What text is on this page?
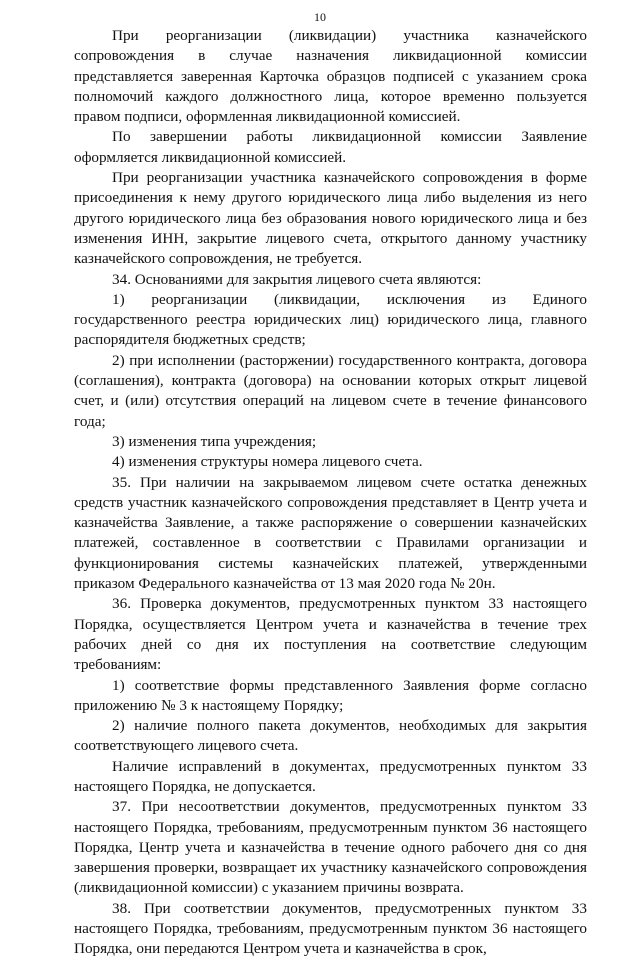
10

При реорганизации (ликвидации) участника казначейского сопровождения в случае назначения ликвидационной комиссии представляется заверенная Карточка образцов подписей с указанием срока полномочий каждого должностного лица, которое временно пользуется правом подписи, оформленная ликвидационной комиссией.

По завершении работы ликвидационной комиссии Заявление оформляется ликвидационной комиссией.

При реорганизации участника казначейского сопровождения в форме присоединения к нему другого юридического лица либо выделения из него другого юридического лица без образования нового юридического лица и без изменения ИНН, закрытие лицевого счета, открытого данному участнику казначейского сопровождения, не требуется.

34. Основаниями для закрытия лицевого счета являются:

1) реорганизации (ликвидации, исключения из Единого государственного реестра юридических лиц) юридического лица, главного распорядителя бюджетных средств;

2) при исполнении (расторжении) государственного контракта, договора (соглашения), контракта (договора) на основании которых открыт лицевой счет, и (или) отсутствия операций на лицевом счете в течение финансового года;

3) изменения типа учреждения;

4) изменения структуры номера лицевого счета.

35. При наличии на закрываемом лицевом счете остатка денежных средств участник казначейского сопровождения представляет в Центр учета и казначейства Заявление, а также распоряжение о совершении казначейских платежей, составленное в соответствии с Правилами организации и функционирования системы казначейских платежей, утвержденными приказом Федерального казначейства от 13 мая 2020 года № 20н.

36. Проверка документов, предусмотренных пунктом 33 настоящего Порядка, осуществляется Центром учета и казначейства в течение трех рабочих дней со дня их поступления на соответствие следующим требованиям:

1) соответствие формы представленного Заявления форме согласно приложению № 3 к настоящему Порядку;

2) наличие полного пакета документов, необходимых для закрытия соответствующего лицевого счета.

Наличие исправлений в документах, предусмотренных пунктом 33 настоящего Порядка, не допускается.

37. При несоответствии документов, предусмотренных пунктом 33 настоящего Порядка, требованиям, предусмотренным пунктом 36 настоящего Порядка, Центр учета и казначейства в течение одного рабочего дня со дня завершения проверки, возвращает их участнику казначейского сопровождения (ликвидационной комиссии) с указанием причины возврата.

38. При соответствии документов, предусмотренных пунктом 33 настоящего Порядка, требованиям, предусмотренным пунктом 36 настоящего Порядка, они передаются Центром учета и казначейства в срок,
